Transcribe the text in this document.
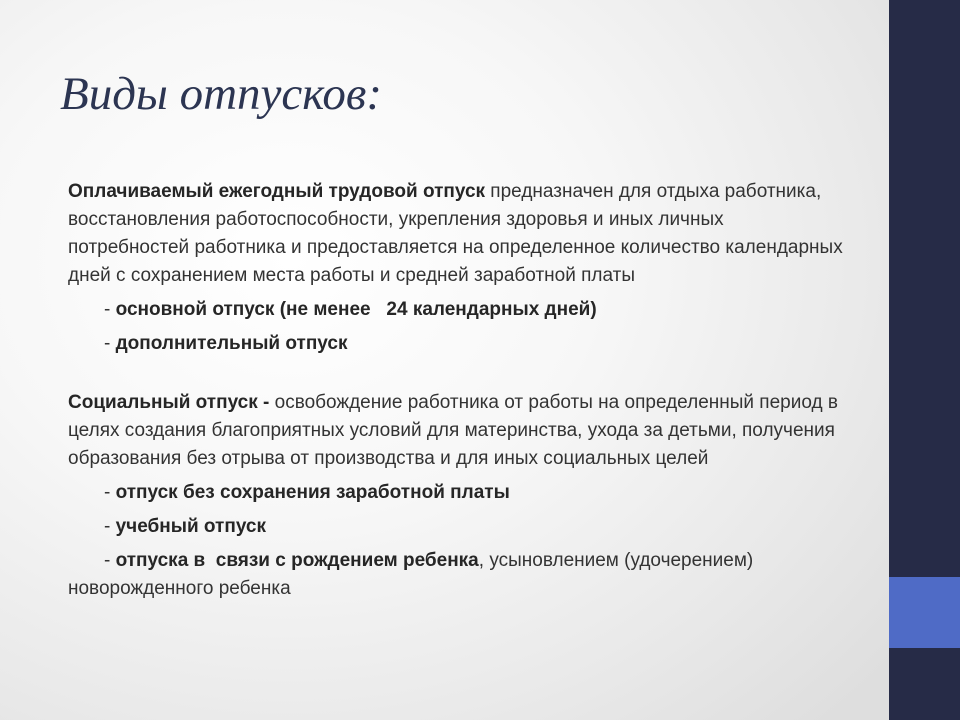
Виды отпусков:

Оплачиваемый ежегодный трудовой отпуск предназначен для отдыха работника, восстановления работоспособности, укрепления здоровья и иных личных потребностей работника и предоставляется на определенное количество календарных дней с сохранением места работы и средней заработной платы

- основной отпуск (не менее   24 календарных дней)

- дополнительный отпуск

Социальный отпуск - освобождение работника от работы на определенный период в целях создания благоприятных условий для материнства, ухода за детьми, получения образования без отрыва от производства и для иных социальных целей

- отпуск без сохранения заработной платы

- учебный отпуск

- отпуска в  связи с рождением ребенка, усыновлением (удочерением) новорожденного ребенка
